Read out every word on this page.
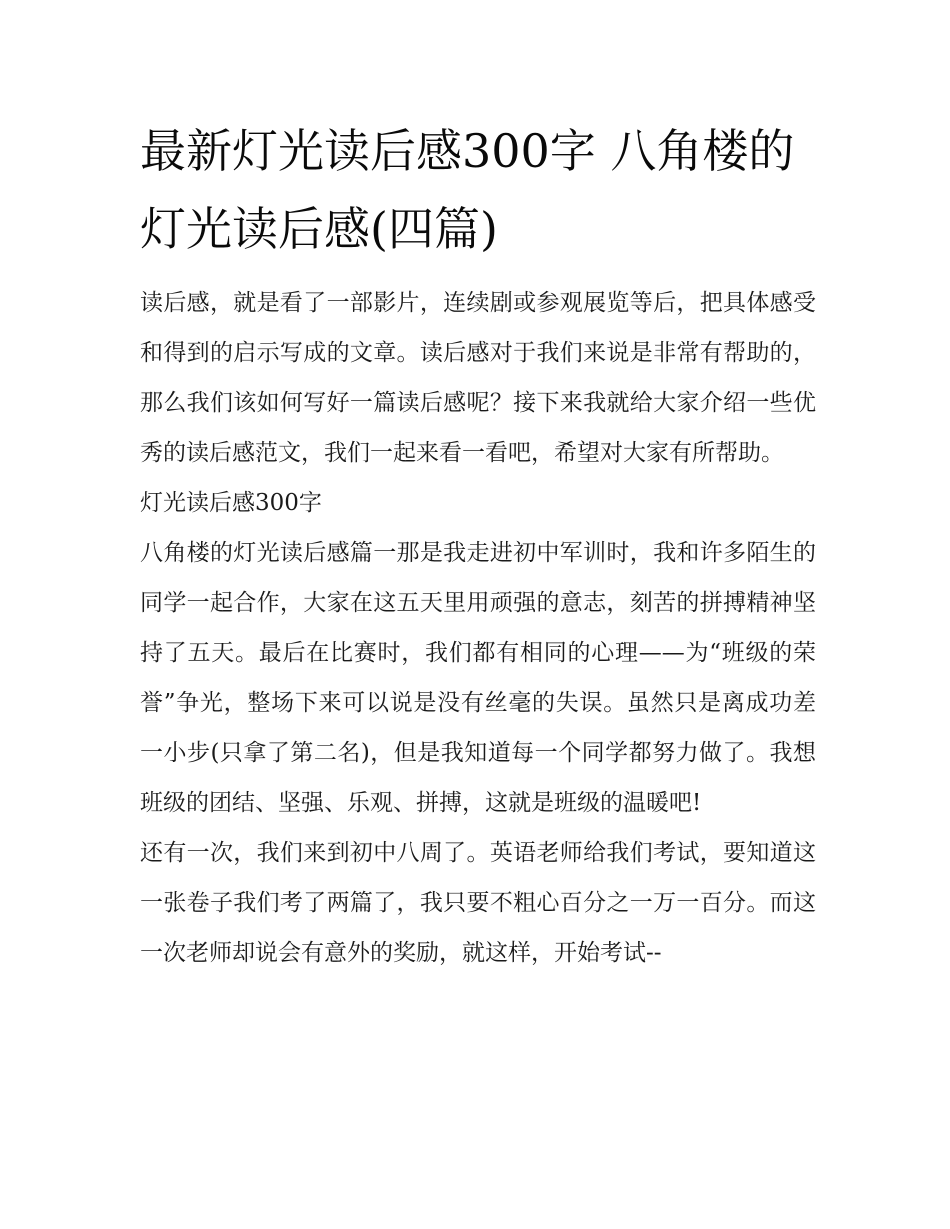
最新灯光读后感300字 八角楼的灯光读后感(四篇)

读后感，就是看了一部影片，连续剧或参观展览等后，把具体感受和得到的启示写成的文章。读后感对于我们来说是非常有帮助的，那么我们该如何写好一篇读后感呢？接下来我就给大家介绍一些优秀的读后感范文，我们一起来看一看吧，希望对大家有所帮助。

灯光读后感300字

八角楼的灯光读后感篇一那是我走进初中军训时，我和许多陌生的同学一起合作，大家在这五天里用顽强的意志，刻苦的拼搏精神坚持了五天。最后在比赛时，我们都有相同的心理——为“班级的荣誉”争光，整场下来可以说是没有丝毫的失误。虽然只是离成功差一小步(只拿了第二名)，但是我知道每一个同学都努力做了。我想班级的团结、坚强、乐观、拼搏，这就是班级的温暖吧!

还有一次，我们来到初中八周了。英语老师给我们考试，要知道这一张卷子我们考了两篇了，我只要不粗心百分之一万一百分。而这一次老师却说会有意外的奖励，就这样，开始考试--
